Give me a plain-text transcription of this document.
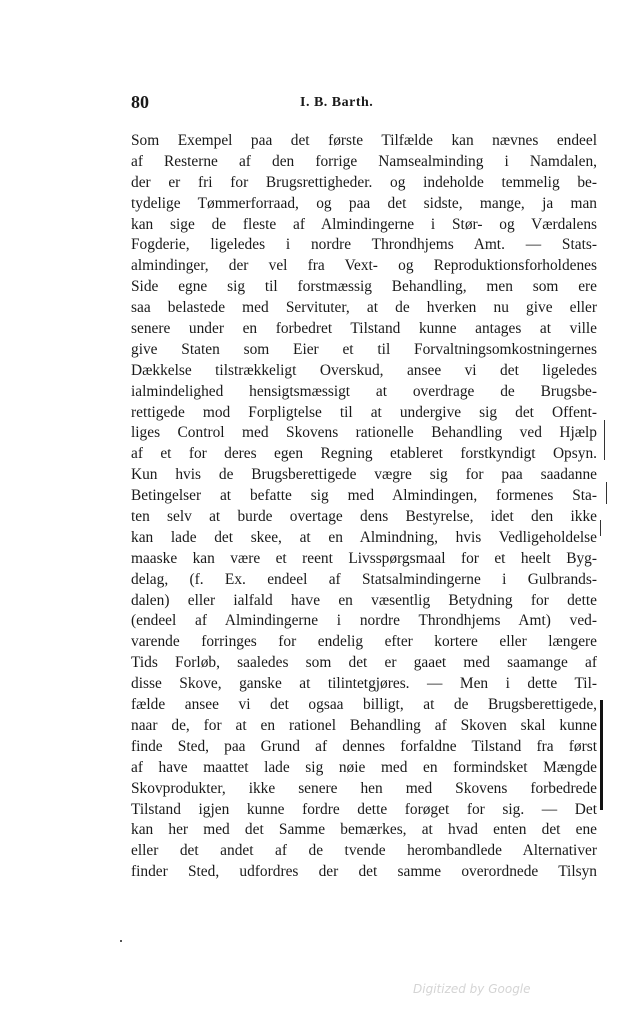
80	I. B. Barth.
Som Exempel paa det første Tilfælde kan nævnes endeel
af Resterne af den forrige Namsealminding i Namdalen,
der er fri for Brugsrettigheder. og indeholde temmelig be-
tydelige Tømmerforraad, og paa det sidste, mange, ja man
kan sige de fleste af Almindingerne i Stør- og Værdalens
Fogderie, ligeledes i nordre Throndhjems Amt. — Stats-
almindinger, der vel fra Vext- og Reproduktionsforholdenes
Side egne sig til forstmæssig Behandling, men som ere
saa belastede med Servituter, at de hverken nu give eller
senere under en forbedret Tilstand kunne antages at ville
give Staten som Eier et til Forvaltningsomkostningernes
Dækkelse tilstrækkeligt Overskud, ansee vi det ligeledes
ialmindelighed hensigtsmæssigt at overdrage de Brugsbe-
rettigede mod Forpligtelse til at undergive sig det Offent-
liges Control med Skovens rationelle Behandling ved Hjælp
af et for deres egen Regning etableret forstkyndigt Opsyn.
Kun hvis de Brugsberettigede vægre sig for paa saadanne
Betingelser at befatte sig med Almindingen, formenes Sta-
ten selv at burde overtage dens Bestyrelse, idet den ikke
kan lade det skee, at en Almindning, hvis Vedligeholdelse
maaske kan være et reent Livsspørgsmaal for et heelt Byg-
delag, (f. Ex. endeel af Statsalmindingerne i Gulbrands-
dalen) eller ialfald have en væsentlig Betydning for dette
(endeel af Almindingerne i nordre Throndhjems Amt) ved-
varende forringes for endelig efter kortere eller længere
Tids Forløb, saaledes som det er gaaet med saamange af
disse Skove, ganske at tilintetgjøres. — Men i dette Til-
fælde ansee vi det ogsaa billigt, at de Brugsberettigede,
naar de, for at en rationel Behandling af Skoven skal kunne
finde Sted, paa Grund af dennes forfaldne Tilstand fra først
af have maattet lade sig nøie med en formindsket Mængde
Skovprodukter, ikke senere hen med Skovens forbedrede
Tilstand igjen kunne fordre dette forøget for sig. — Det
kan her med det Samme bemærkes, at hvad enten det ene
eller det andet af de tvende herombandlede Alternativer
finder Sted, udfordres der det samme overordnede Tilsyn
Digitized by Google
